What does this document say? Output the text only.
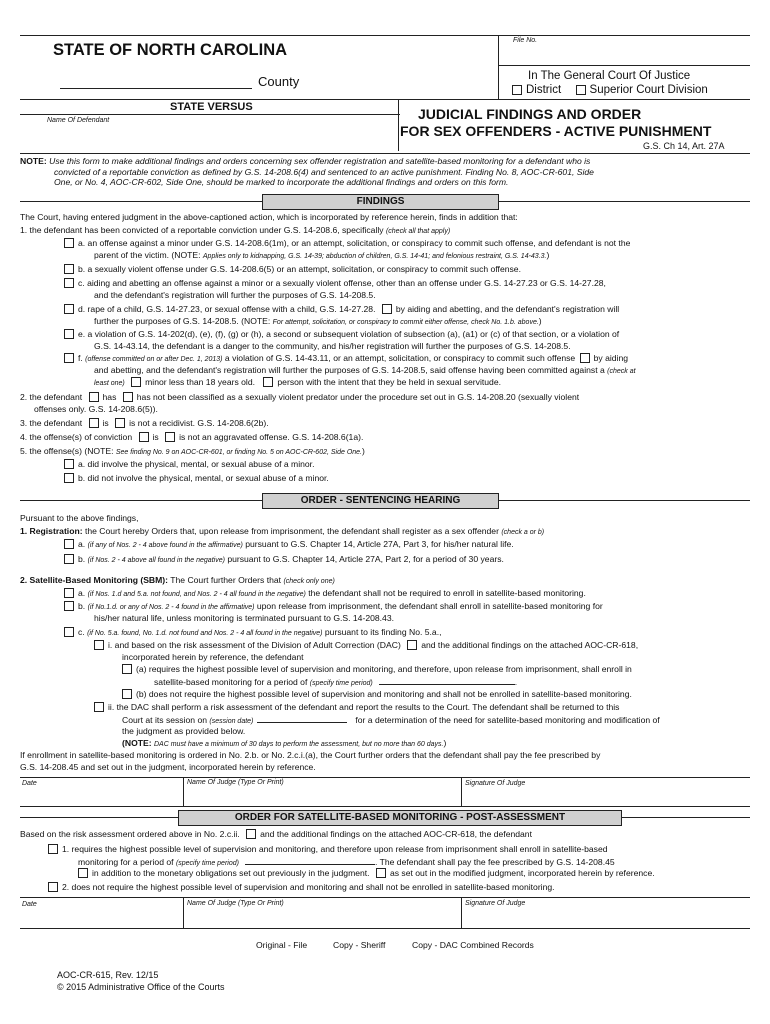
File No.
STATE OF NORTH CAROLINA
County	In The General Court Of Justice
District Superior Court Division
STATE VERSUS
Name Of Defendant	JUDICIAL FINDINGS AND ORDER
FOR SEX OFFENDERS - ACTIVE PUNISHMENT
G.S. Ch 14, Art. 27A
NOTE: Use this form to make additional findings and orders concerning sex offender registration and satellite-based monitoring for a defendant who is
convicted of a reportable conviction as defined by G.S. 14-208.6(4) and sentenced to an active punishment. Finding No. 8, AOC-CR-601, Side
One, or No. 4, AOC-CR-602, Side One, should be marked to incorporate the additional findings and orders on this form.
FINDINGS
The Court, having entered judgment in the above-captioned action, which is incorporated by reference herein, finds in addition that:
1. the defendant has been convicted of a reportable conviction under G.S. 14-208.6, specifically (check all that apply)
a. an offense against a minor under G.S. 14-208.6(1m), or an attempt, solicitation, or conspiracy to commit such offense, and defendant is not the
parent of the victim. (NOTE: Applies only to kidnapping, G.S. 14-39; abduction of children, G.S. 14-41; and felonious restraint, G.S. 14-43.3.)
b. a sexually violent offense under G.S. 14-208.6(5) or an attempt, solicitation, or conspiracy to commit such offense.
c. aiding and abetting an offense against a minor or a sexually violent offense, other than an offense under G.S. 14-27.23 or G.S. 14-27.28,
and the defendant's registration will further the purposes of G.S. 14-208.5.
d. rape of a child, G.S. 14-27.23, or sexual offense with a child, G.S. 14-27.28. by aiding and abetting, and the defendant's registration will
further the purposes of G.S. 14-208.5. (NOTE: For attempt, solicitation, or conspiracy to commit either offense, check No. 1.b. above.)
e. a violation of G.S. 14-202(d), (e), (f), (g) or (h), a second or subsequent violation of subsection (a), (a1) or (c) of that section, or a violation of
G.S. 14-43.14, the defendant is a danger to the community, and his/her registration will further the purposes of G.S. 14-208.5.
f. (offense committed on or after Dec. 1, 2013) a violation of G.S. 14-43.11, or an attempt, solicitation, or conspiracy to commit such offense by aiding
and abetting, and the defendant's registration will further the purposes of G.S. 14-208.5, said offense having been committed against a (check at
least one) minor less than 18 years old.	person with the intent that they be held in sexual servitude.
2. the defendant has has not been classified as a sexually violent predator under the procedure set out in G.S. 14-208.20 (sexually violent
offenses only. G.S. 14-208.6(5)).
3. the defendant is is not a recidivist. G.S. 14-208.6(2b).
4. the offense(s) of conviction is is not an aggravated offense. G.S. 14-208.6(1a).
5. the offense(s) (NOTE: See finding No. 9 on AOC-CR-601, or finding No. 5 on AOC-CR-602, Side One.)
a. did involve the physical, mental, or sexual abuse of a minor.
b. did not involve the physical, mental, or sexual abuse of a minor.
ORDER - SENTENCING HEARING
Pursuant to the above findings,
1. Registration: the Court hereby Orders that, upon release from imprisonment, the defendant shall register as a sex offender (check a or b)
a. (if any of Nos. 2 - 4 above found in the affirmative) pursuant to G.S. Chapter 14, Article 27A, Part 3, for his/her natural life.
b. (if Nos. 2 - 4 above all found in the negative) pursuant to G.S. Chapter 14, Article 27A, Part 2, for a period of 30 years.
2. Satellite-Based Monitoring (SBM): The Court further Orders that (check only one)
a. (if Nos. 1.d and 5.a. not found, and Nos. 2 - 4 all found in the negative) the defendant shall not be required to enroll in satellite-based monitoring.
b. (if No.1.d. or any of Nos. 2 - 4 found in the affirmative) upon release from imprisonment, the defendant shall enroll in satellite-based monitoring for
his/her natural life, unless monitoring is terminated pursuant to G.S. 14-208.43.
c. (if No. 5.a. found, No. 1.d. not found and Nos. 2 - 4 all found in the negative) pursuant to its finding No. 5.a.,
i. and based on the risk assessment of the Division of Adult Correction (DAC) and the additional findings on the attached AOC-CR-618,
incorporated herein by reference, the defendant
(a) requires the highest possible level of supervision and monitoring, and therefore, upon release from imprisonment, shall enroll in
satellite-based monitoring for a period of (specify time period)	.
(b) does not require the highest possible level of supervision and monitoring and shall not be enrolled in satellite-based monitoring.
ii. the DAC shall perform a risk assessment of the defendant and report the results to the Court. The defendant shall be returned to this
Court at its session on (session date)	for a determination of the need for satellite-based monitoring and modification of
the judgment as provided below.
(NOTE: DAC must have a minimum of 30 days to perform the assessment, but no more than 60 days.)
If enrollment in satellite-based monitoring is ordered in No. 2.b. or No. 2.c.i.(a), the Court further orders that the defendant shall pay the fee prescribed by
G.S. 14-208.45 and set out in the judgment, incorporated herein by reference.
Date	Name Of Judge (Type Or Print)	Signature Of Judge
ORDER FOR SATELLITE-BASED MONITORING - POST-ASSESSMENT
Based on the risk assessment ordered above in No. 2.c.ii. and the additional findings on the attached AOC-CR-618, the defendant
1. requires the highest possible level of supervision and monitoring, and therefore upon release from imprisonment shall enroll in satellite-based
monitoring for a period of (specify time period)	. The defendant shall pay the fee prescribed by G.S. 14-208.45
in addition to the monetary obligations set out previously in the judgment. as set out in the modified judgment, incorporated herein by reference.
2. does not require the highest possible level of supervision and monitoring and shall not be enrolled in satellite-based monitoring.
Date	Name Of Judge (Type Or Print)	Signature Of Judge
Original - File	Copy - Sheriff	Copy - DAC Combined Records
AOC-CR-615, Rev. 12/15
© 2015 Administrative Office of the Courts
